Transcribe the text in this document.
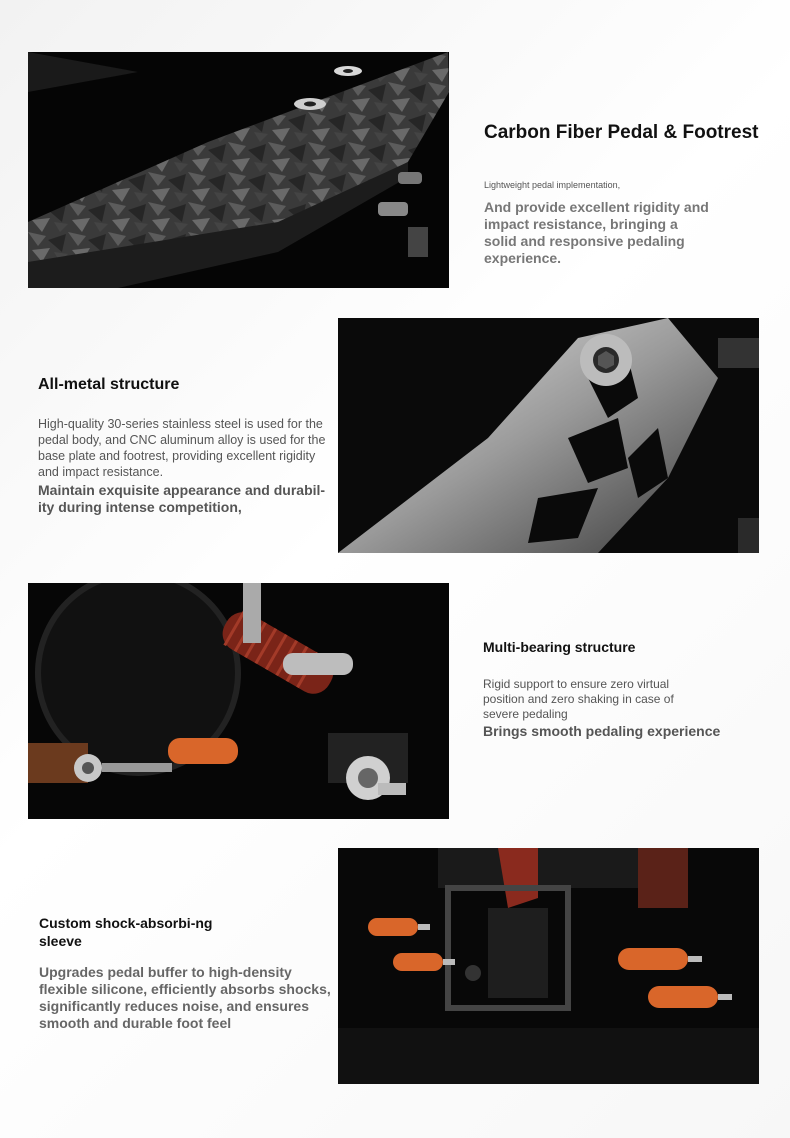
Carbon Fiber Pedal & Footrest

Lightweight pedal implementation,

And provide excellent rigidity and impact resistance, bringing a solid and responsive pedaling experience.

All-metal structure

High-quality 30-series stainless steel is used for the pedal body, and CNC aluminum alloy is used for the base plate and footrest, providing excellent rigidity and impact resistance.

Maintain exquisite appearance and durabil-ity during intense competition,

Multi-bearing structure

Rigid support to ensure zero virtual position and zero shaking in case of severe pedaling

Brings smooth pedaling experience

Custom shock-absorbi-ng sleeve

Upgrades pedal buffer to high-density flexible silicone, efficiently absorbs shocks, significantly reduces noise, and ensures smooth and durable foot feel
